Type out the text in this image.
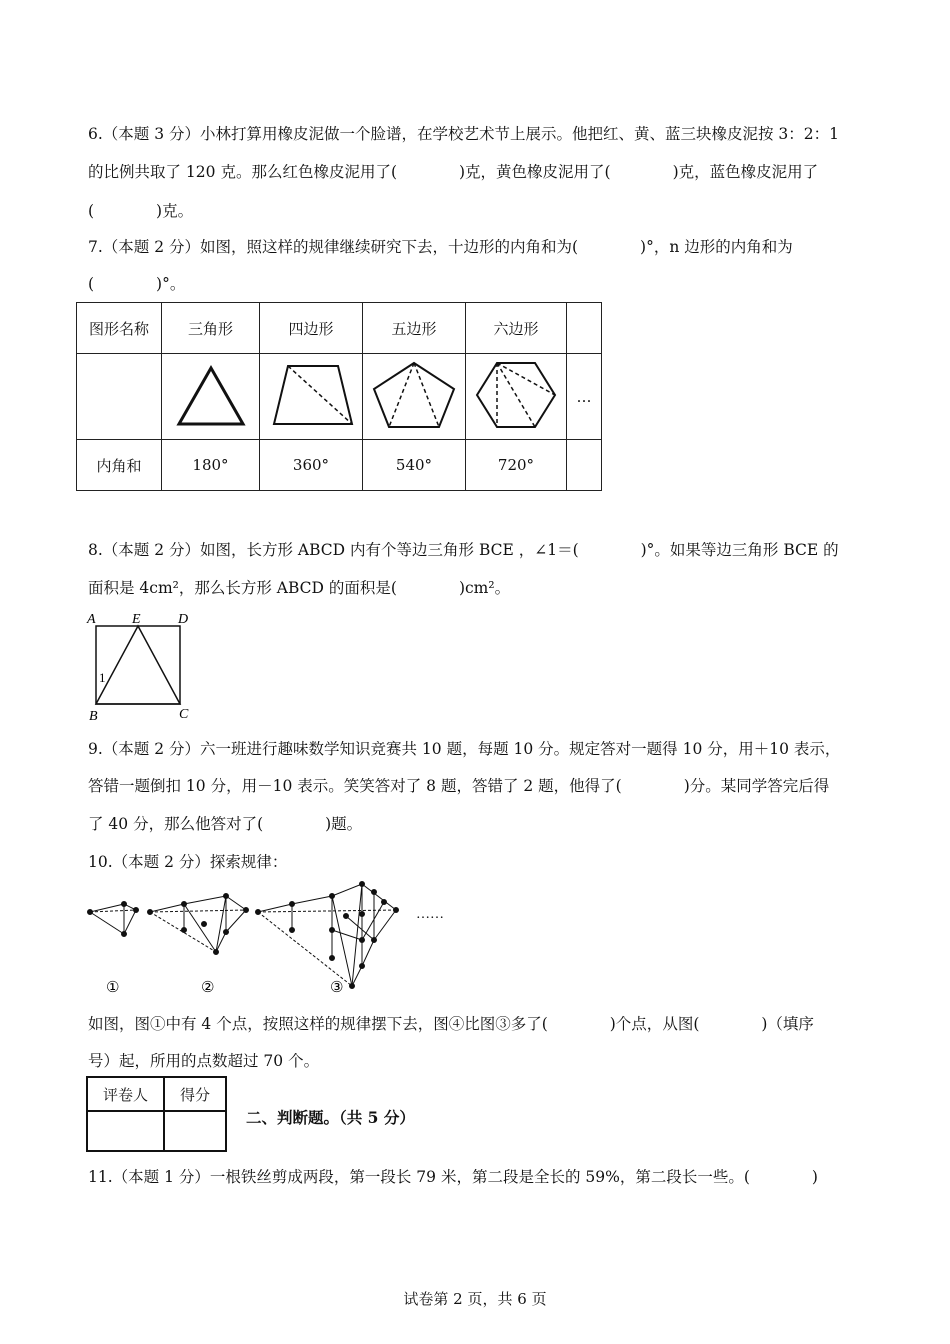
6.（本题 3 分）小林打算用橡皮泥做一个脸谱，在学校艺术节上展示。他把红、黄、蓝三块橡皮泥按 3：2：1
的比例共取了 120 克。那么红色橡皮泥用了(　　　　)克，黄色橡皮泥用了(　　　　)克，蓝色橡皮泥用了
(　　　　)克。
7.（本题 2 分）如图，照这样的规律继续研究下去，十边形的内角和为(　　　　)°，n 边形的内角和为
(　　　　)°。
图形名称	三角形	四边形	五边形	六边形	
					…
内角和	180°	360°	540°	720°	
8.（本题 2 分）如图，长方形 ABCD 内有个等边三角形 BCE ，∠1＝(　　　　)°。如果等边三角形 BCE 的
面积是 4cm²，那么长方形 ABCD 的面积是(　　　　)cm²。
A	E	D
B	C
1
9.（本题 2 分）六一班进行趣味数学知识竞赛共 10 题，每题 10 分。规定答对一题得 10 分，用＋10 表示，
答错一题倒扣 10 分，用－10 表示。笑笑答对了 8 题，答错了 2 题，他得了(　　　　)分。某同学答完后得
了 40 分，那么他答对了(　　　　)题。
10.（本题 2 分）探索规律：
……
①	②	③
如图，图①中有 4 个点，按照这样的规律摆下去，图④比图③多了(　　　　)个点，从图(　　　　)（填序
号）起，所用的点数超过 70 个。
评卷人	得分

二、判断题。（共 5 分）
11.（本题 1 分）一根铁丝剪成两段，第一段长 79 米，第二段是全长的 59%，第二段长一些。(　　　　)
试卷第 2 页，共 6 页
